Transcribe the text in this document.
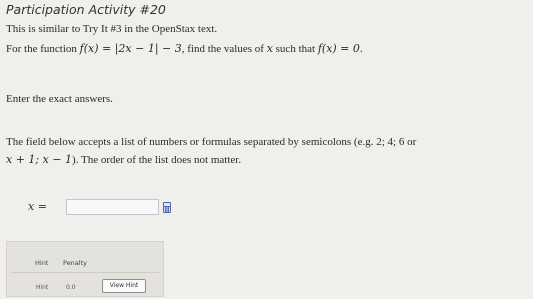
Participation Activity #20
This is similar to Try It #3 in the OpenStax text.
For the function f(x) = |2x − 1| − 3, find the values of x such that f(x) = 0.
Enter the exact answers.
The field below accepts a list of numbers or formulas separated by semicolons (e.g. 2; 4; 6 or
x + 1; x − 1). The order of the list does not matter.
x =
Hint Penalty
Hint	0.0	View Hint
